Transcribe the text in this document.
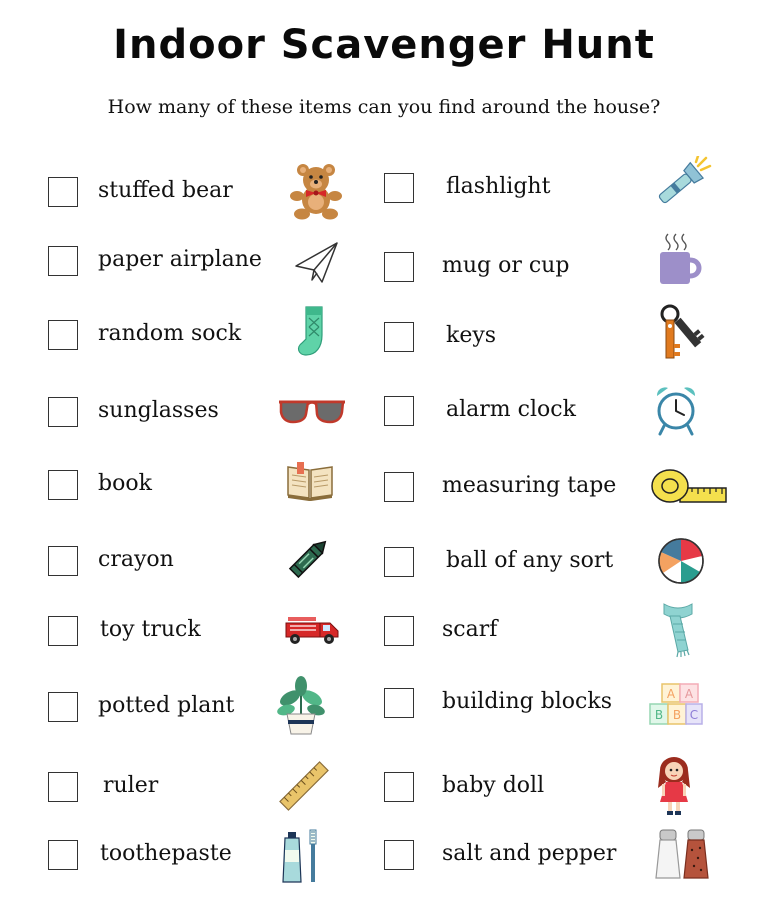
Indoor Scavenger Hunt
How many of these items can you find around the house?
stuffed bear
paper airplane
random sock
sunglasses
book
crayon
toy truck
potted plant
ruler
toothepaste
flashlight
mug or cup
keys
alarm clock
measuring tape
ball of any sort
scarf
building blocks
baby doll
salt and pepper
A A
B B C
